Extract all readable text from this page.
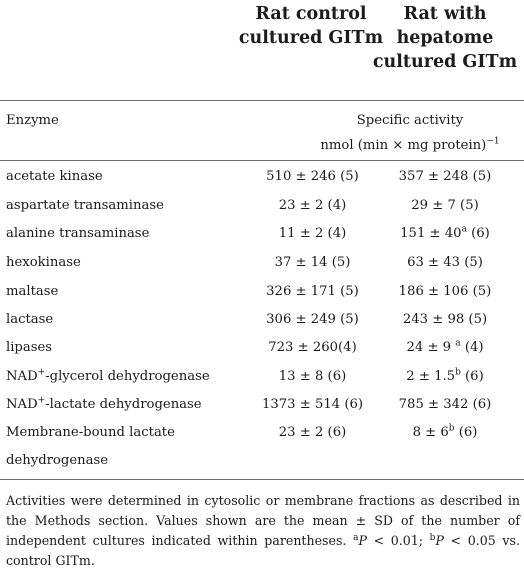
Rat control
cultured GITm
Rat with
hepatome
cultured GITm
Enzyme	Specific activity
nmol (min × mg protein)$^{-1}$
acetate kinase	510 ± 246 (5)	357 ± 248 (5)
aspartate transaminase	23 ± 2 (4)	29 ± 7 (5)
alanine transaminase	11 ± 2 (4)	$151 \pm 40^a$ (6)
hexokinase	37 ± 14 (5)	63 ± 43 (5)
maltase	326 ± 171 (5)	186 ± 106 (5)
lactase	306 ± 249 (5)	243 ± 98 (5)
lipases	723 ± 260(4)	24 ± 9 $^a$ (4)
NAD+-glycerol dehydrogenase	13 ± 8 (6)	2 ± 1.5$^b$ (6)
NAD+-lactate dehydrogenase	1373 ± 514 (6)	785 ± 342 (6)
Membrane-bound lactate	23 ± 2 (6)	$8 \pm 6^b$ (6)
dehydrogenase
Activities were determined in cytosolic or membrane fractions as described in the Methods section. Values shown are the mean ± SD of the number of independent cultures indicated within parentheses. $^a$P < 0.01; $^b$P < 0.05 vs. control GITm.
